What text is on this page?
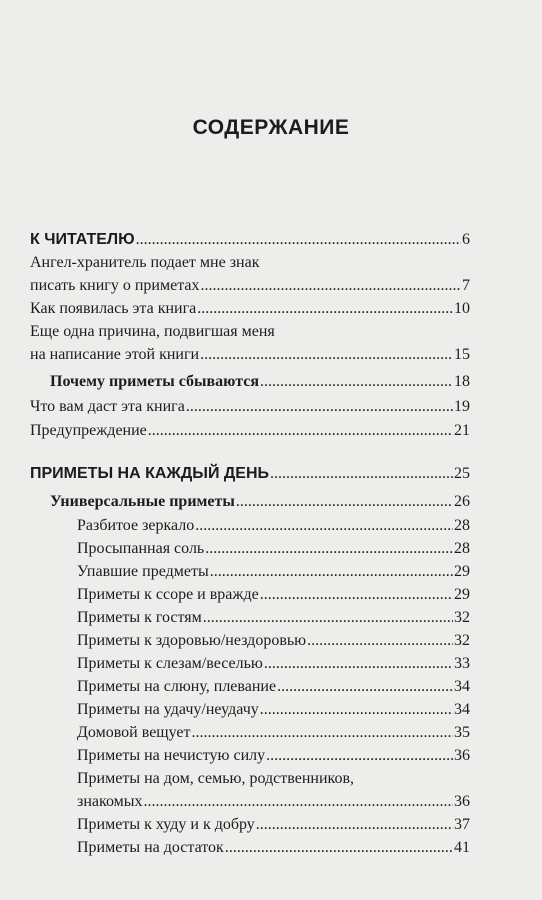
СОДЕРЖАНИЕ
К ЧИТАТЕЛЮ .....	6
Ангел-хранитель подает мне знак
писать книгу о приметах .....	7
Как появилась эта книга .....	10
Еще одна причина, подвигшая меня
на написание этой книги .....	15
Почему приметы сбываются .....	18
Что вам даст эта книга .....	19
Предупреждение .....	21
ПРИМЕТЫ НА КАЖДЫЙ ДЕНЬ .....	25
Универсальные приметы .....	26
Разбитое зеркало .....	28
Просыпанная соль .....	28
Упавшие предметы .....	29
Приметы к ссоре и вражде .....	29
Приметы к гостям .....	32
Приметы к здоровью/нездоровью .....	32
Приметы к слезам/веселью .....	33
Приметы на слюну, плевание .....	34
Приметы на удачу/неудачу .....	34
Домовой вещует .....	35
Приметы на нечистую силу .....	36
Приметы на дом, семью, родственников,
знакомых .....	36
Приметы к худу и к добру .....	37
Приметы на достаток .....	41
